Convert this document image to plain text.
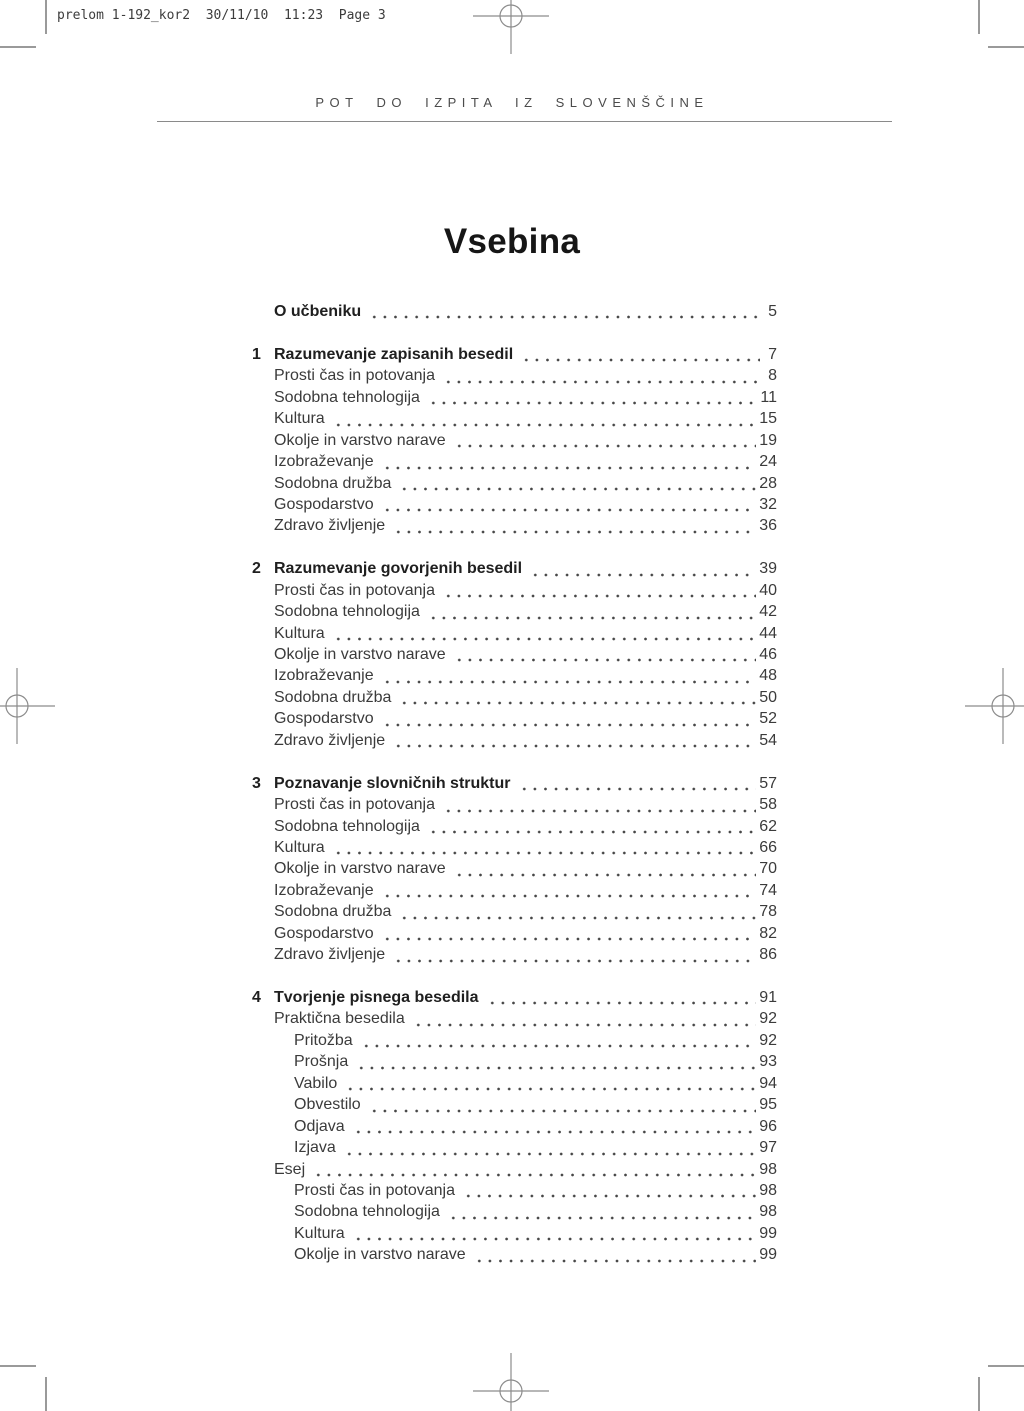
prelom 1-192_kor2  30/11/10  11:23  Page 3
POT DO IZPITA IZ SLOVENŠČINE
Vsebina
O učbeniku	5
1 Razumevanje zapisanih besedil	7
Prosti čas in potovanja	8
Sodobna tehnologija	11
Kultura	15
Okolje in varstvo narave	19
Izobraževanje	24
Sodobna družba	28
Gospodarstvo	32
Zdravo življenje	36
2 Razumevanje govorjenih besedil	39
Prosti čas in potovanja	40
Sodobna tehnologija	42
Kultura	44
Okolje in varstvo narave	46
Izobraževanje	48
Sodobna družba	50
Gospodarstvo	52
Zdravo življenje	54
3 Poznavanje slovničnih struktur	57
Prosti čas in potovanja	58
Sodobna tehnologija	62
Kultura	66
Okolje in varstvo narave	70
Izobraževanje	74
Sodobna družba	78
Gospodarstvo	82
Zdravo življenje	86
4 Tvorjenje pisnega besedila	91
Praktična besedila	92
Pritožba	92
Prošnja	93
Vabilo	94
Obvestilo	95
Odjava	96
Izjava	97
Esej	98
Prosti čas in potovanja	98
Sodobna tehnologija	98
Kultura	99
Okolje in varstvo narave	99
